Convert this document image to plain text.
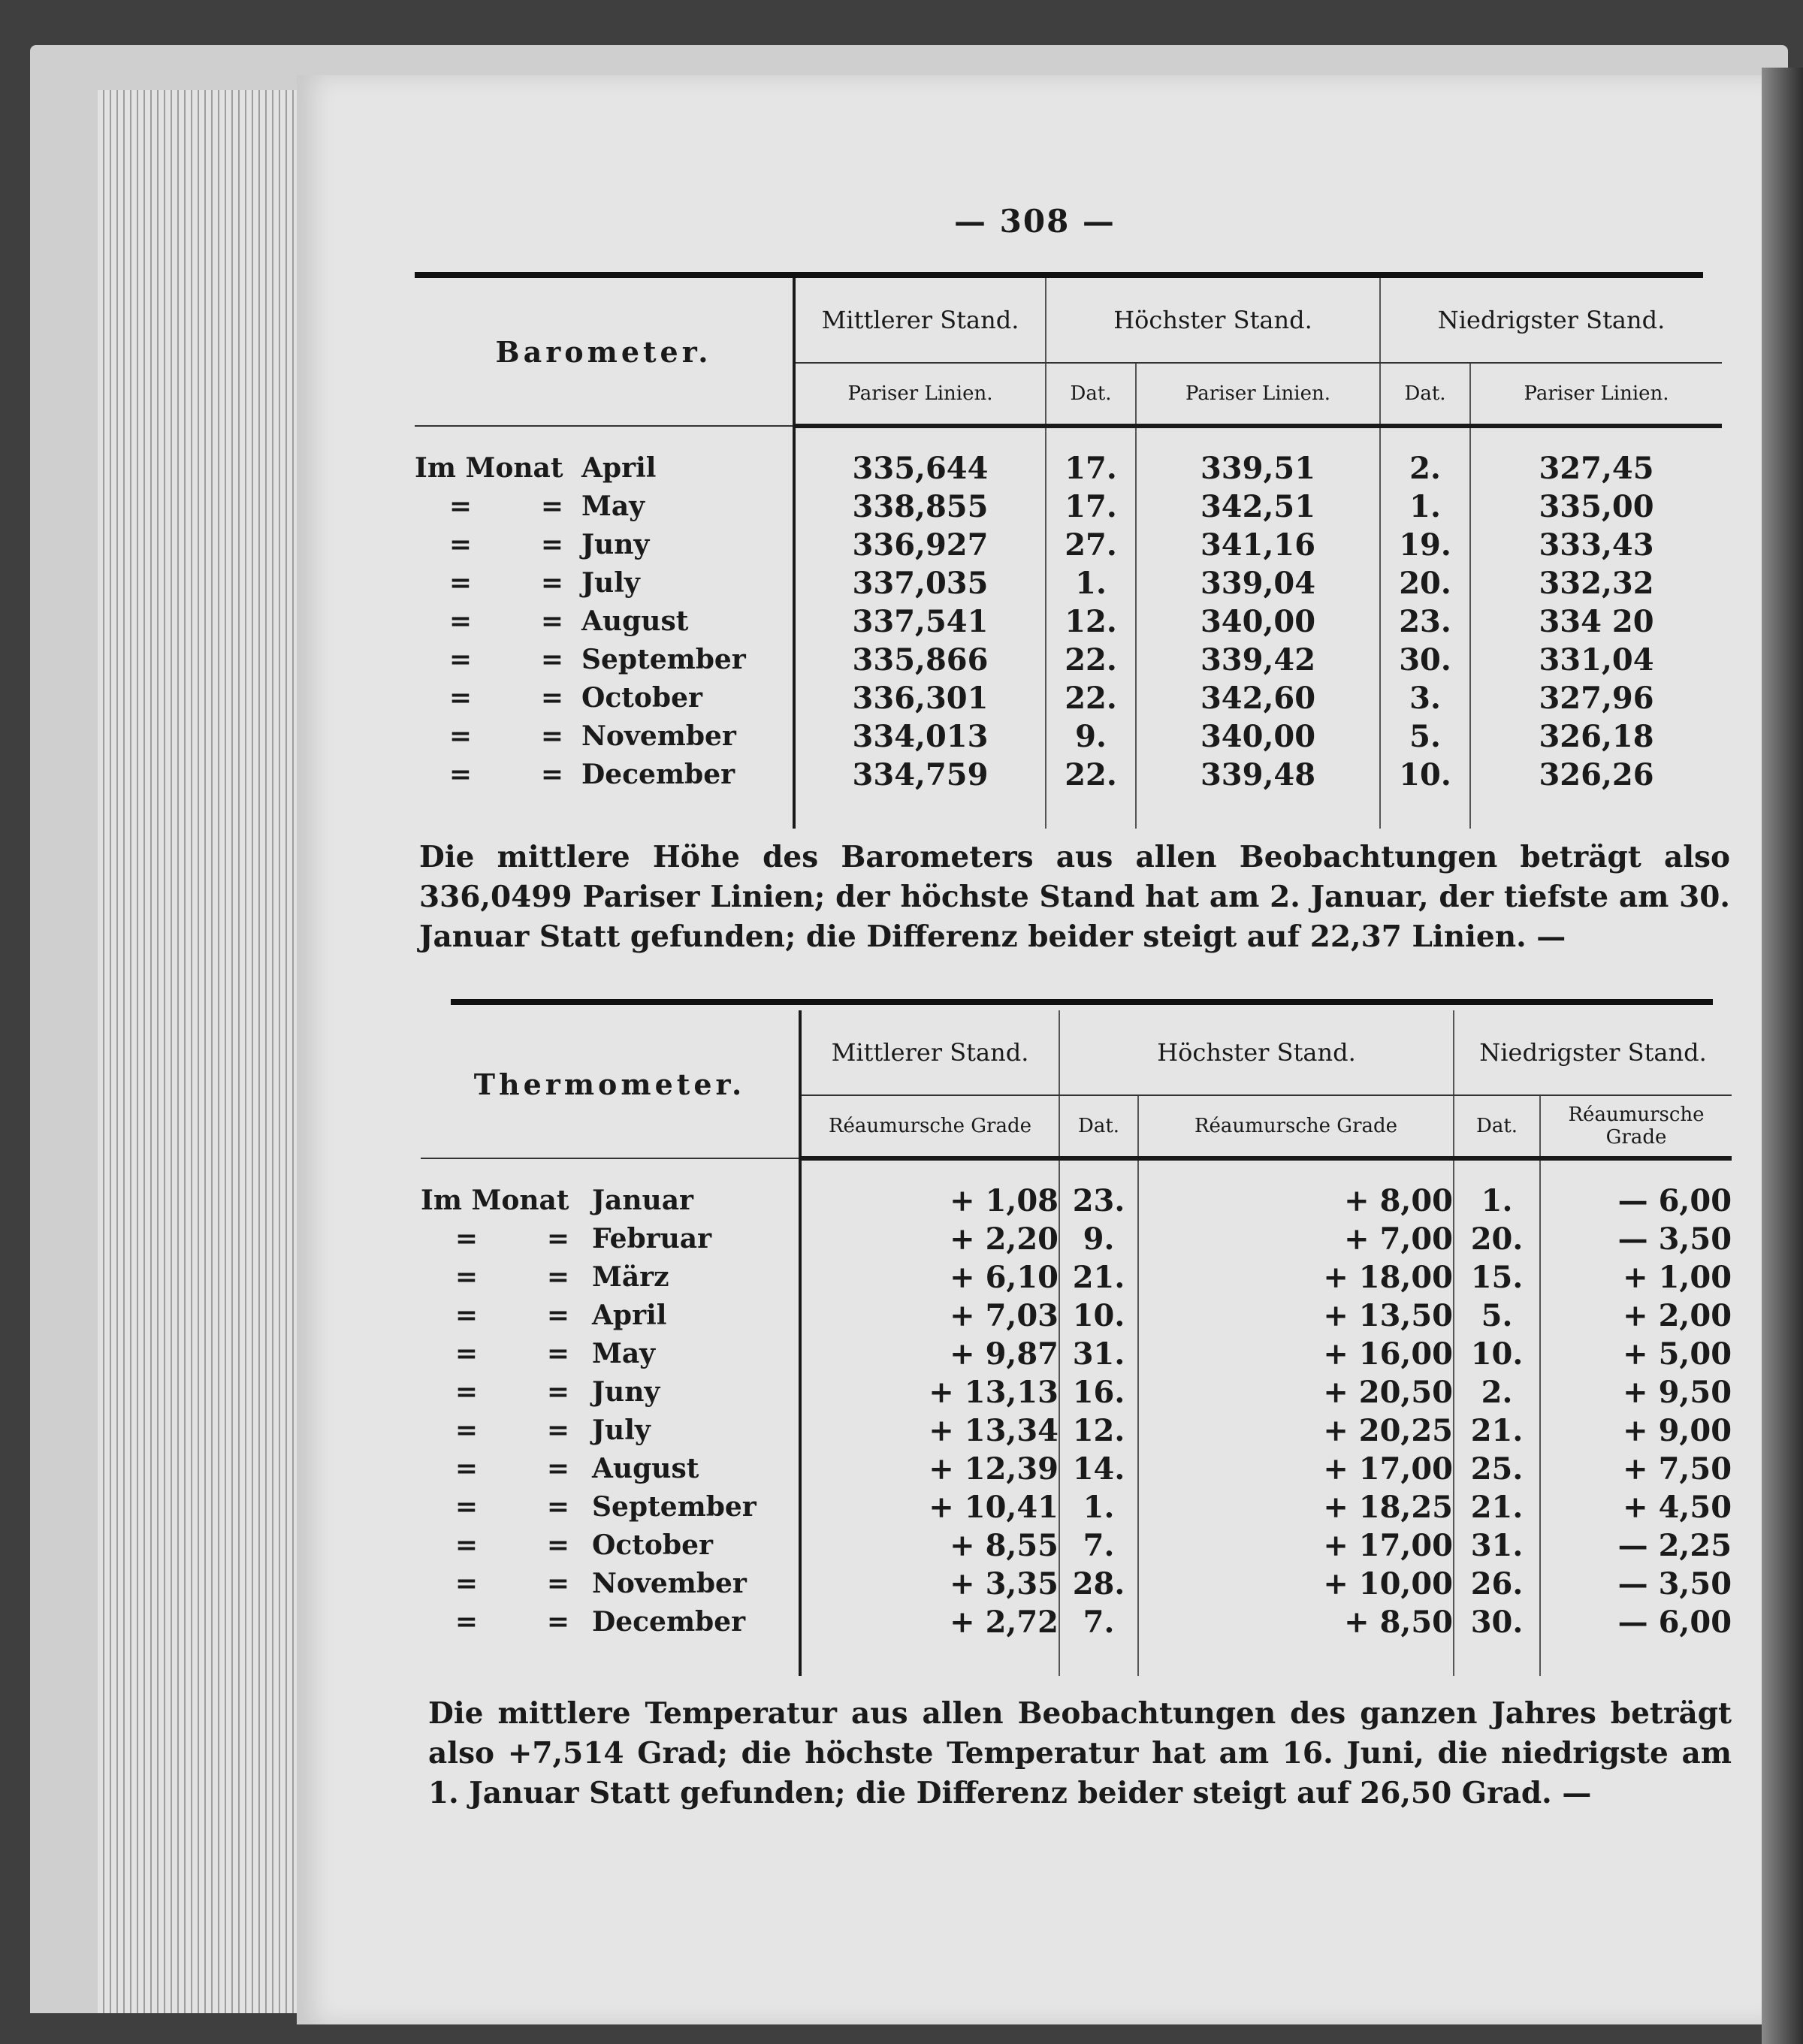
— 308 —
Barometer.	Mittlerer Stand.	Höchster Stand.		Niedrigster Stand.	
	Pariser Linien.	Dat.	Pariser Linien.	Dat.	Pariser Linien.

Im Monat April	335,644	17.	339,51	2.	327,45

= = May	338,855	17.	342,51	1.	335,00

= = Juny	336,927	27.	341,16	19.	333,43

= = July	337,035	1.	339,04	20.	332,32

= = August	337,541	12.	340,00	23.	334 20

= = September	335,866	22.	339,42	30.	331,04

= = October	336,301	22.	342,60	3.	327,96

= = November	334,013	9.	340,00	5.	326,18

= = December	334,759	22.	339,48	10.	326,26

Die mittlere Höhe des Barometers aus allen Beobachtungen beträgt also 336,0499 Pariser Linien; der höchste Stand hat am 2. Januar, der tiefste am 30. Januar Statt gefunden; die Differenz beider steigt auf 22,37 Linien. —
Thermometer.	Mittlerer Stand.	Höchster Stand.		Niedrigster Stand.	
	Réaumursche Grade	Dat.	Réaumursche Grade	Dat.	Réaumursche Grade

Im Monat Januar	+ 1,08	23.	+ 8,00	1.	— 6,00

= = Februar	+ 2,20	9.	+ 7,00	20.	— 3,50

= = März	+ 6,10	21.	+ 18,00	15.	+ 1,00

= = April	+ 7,03	10.	+ 13,50	5.	+ 2,00

= = May	+ 9,87	31.	+ 16,00	10.	+ 5,00

= = Juny	+ 13,13	16.	+ 20,50	2.	+ 9,50

= = July	+ 13,34	12.	+ 20,25	21.	+ 9,00

= = August	+ 12,39	14.	+ 17,00	25.	+ 7,50

= = September	+ 10,41	1.	+ 18,25	21.	+ 4,50

= = October	+ 8,55	7.	+ 17,00	31.	— 2,25

= = November	+ 3,35	28.	+ 10,00	26.	— 3,50

= = December	+ 2,72	7.	+ 8,50	30.	— 6,00

Die mittlere Temperatur aus allen Beobachtungen des ganzen Jahres beträgt also +7,514 Grad; die höchste Temperatur hat am 16. Juni, die niedrigste am 1. Januar Statt gefunden; die Differenz beider steigt auf 26,50 Grad. —
